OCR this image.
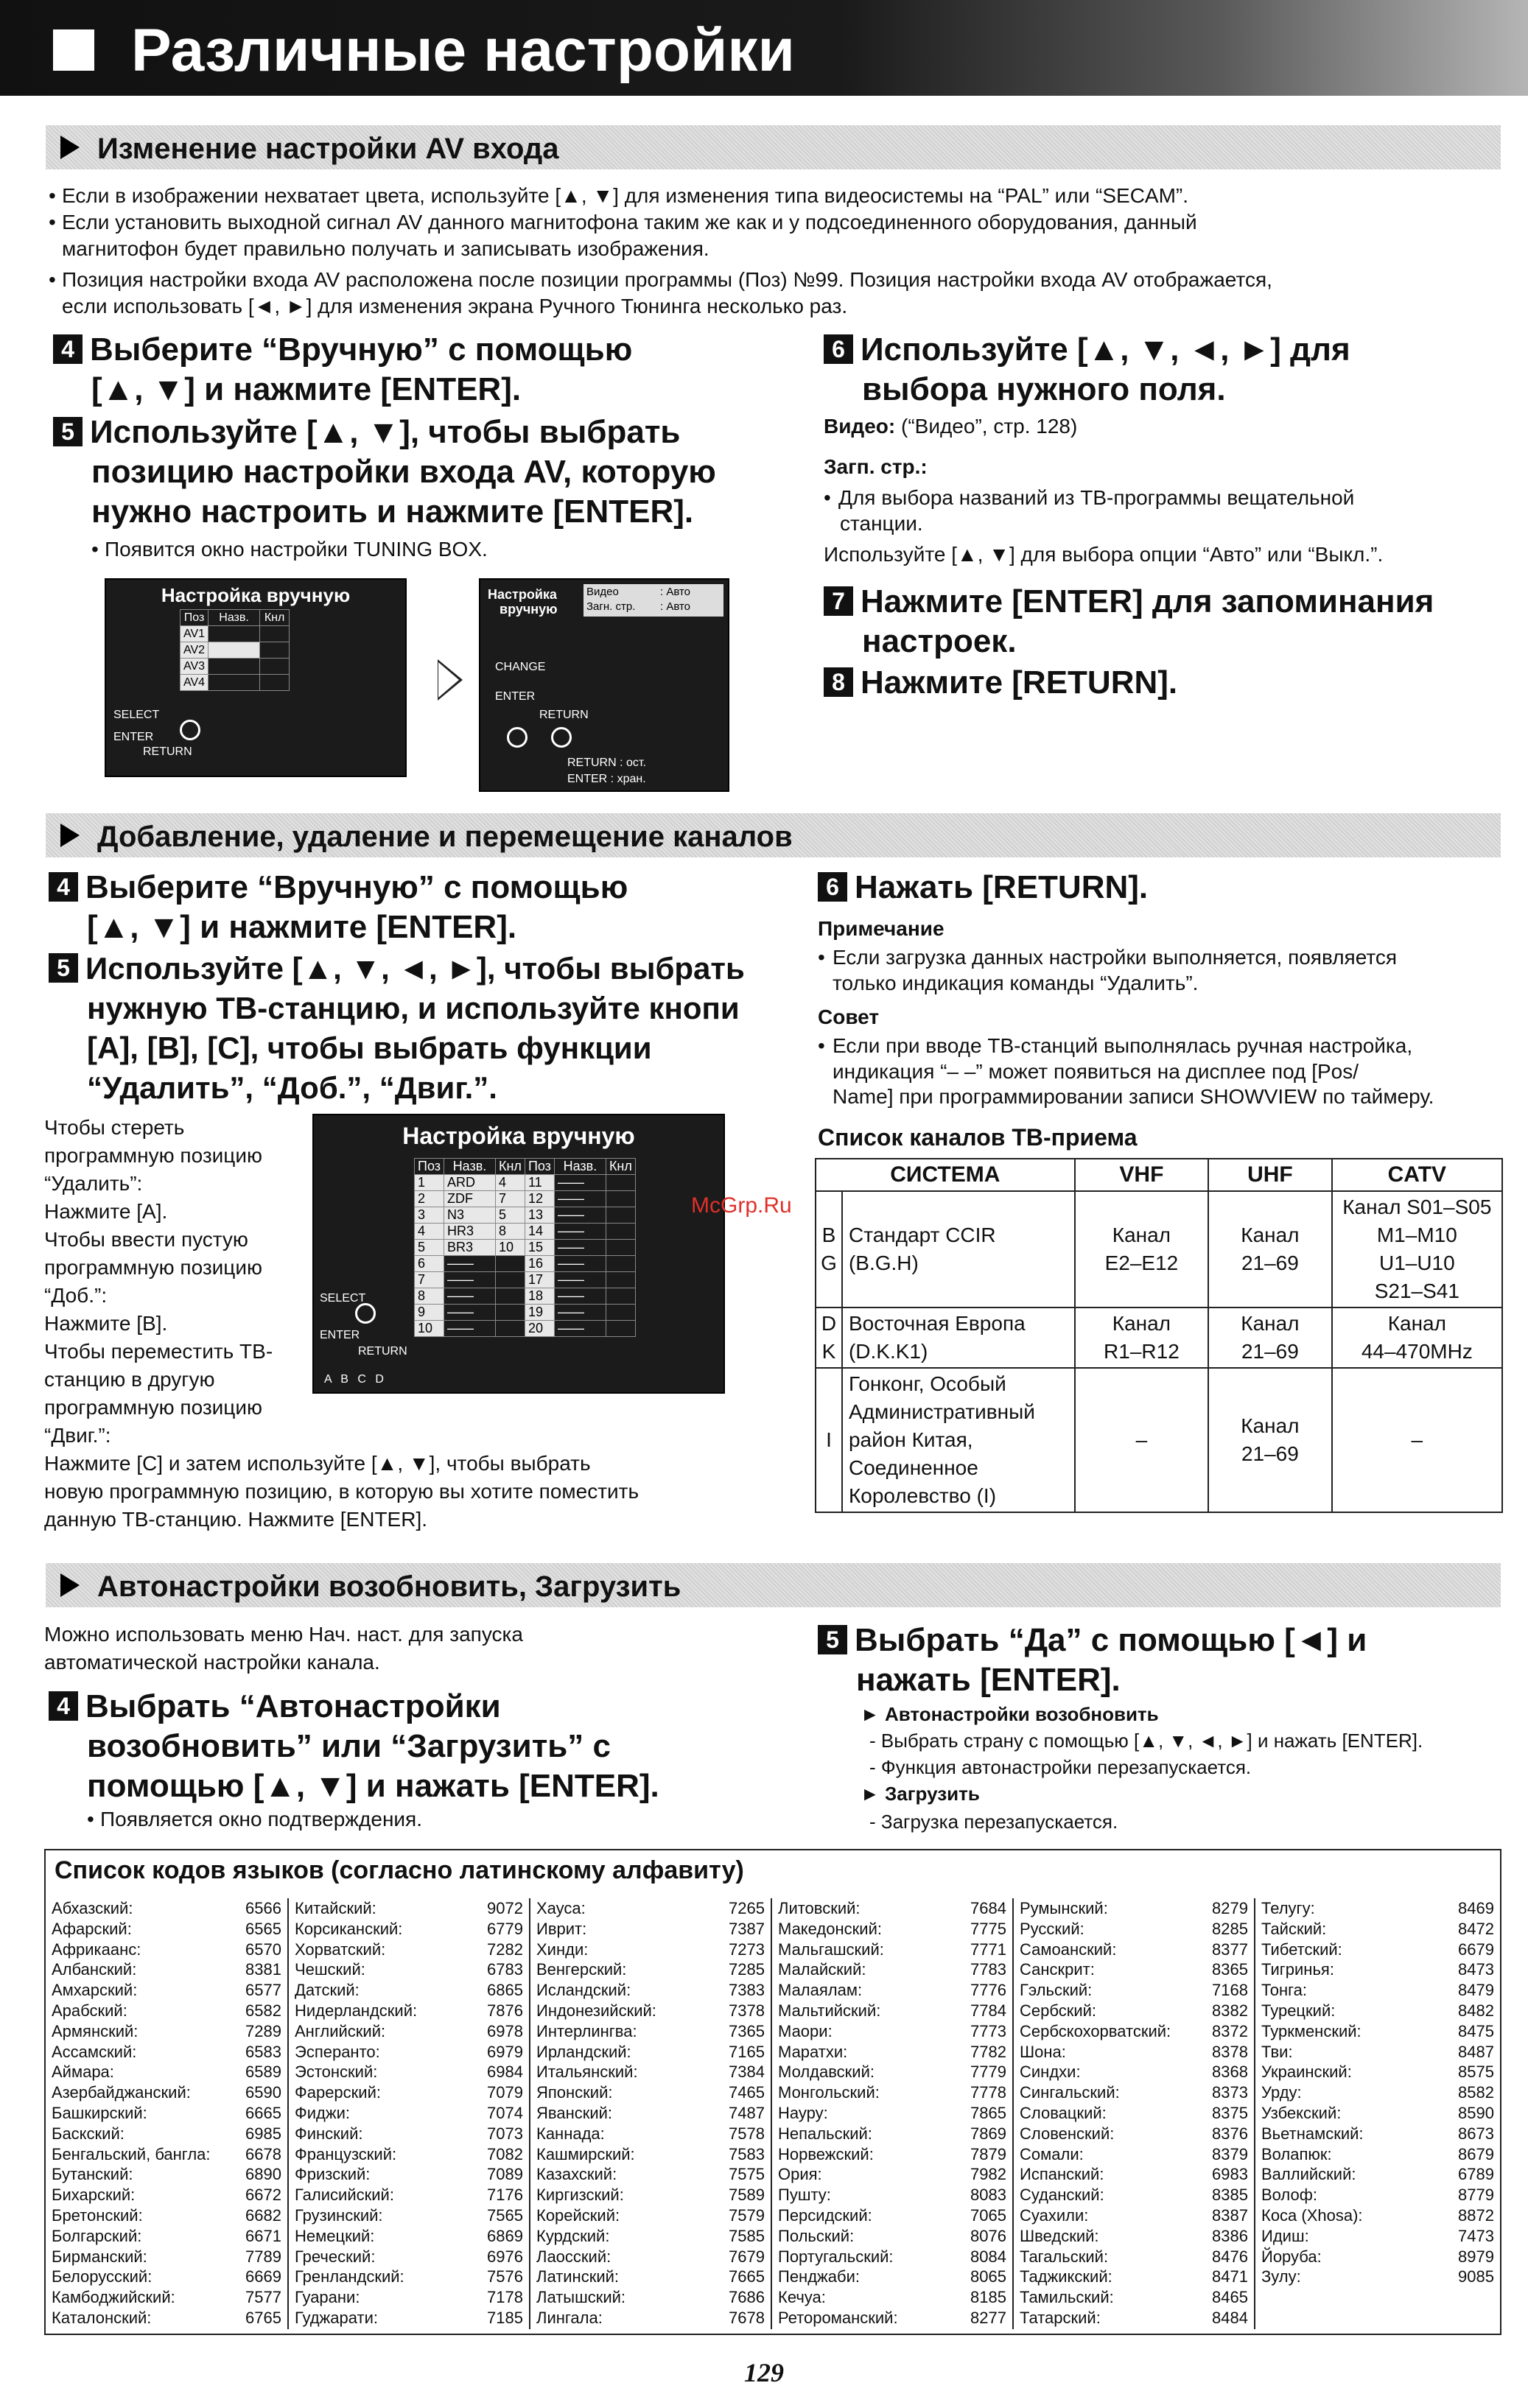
Различные настройки
Изменение настройки AV входа
• Если в изображении нехватает цвета, используйте [▲, ▼] для изменения типа видеосистемы на “PAL” или “SECAM”.
• Если установить выходной сигнал AV данного магнитофона таким же как и у подсоединенного оборудования, данный
магнитофон будет правильно получать и записывать изображения.
• Позиция настройки входа AV расположена после позиции программы (Поз) №99. Позиция настройки входа AV отображается,
если использовать [◄, ►] для изменения экрана Ручного Тюнинга несколько раз.
4 Выберите “Вручную” с помощью
[▲, ▼] и нажмите [ENTER].
5 Используйте [▲, ▼], чтобы выбрать
позицию настройки входа AV, которую
нужно настроить и нажмите [ENTER].
• Появится окно настройки TUNING BOX.
Настройка вручную
Поз	Назв.	Кнл
AV1		
AV2		
AV3		
AV4		
SELECT
ENTER
RETURN
Настройка
вручную
Видео	: Авто
Загн. стр. : Авто
CHANGE
ENTER
RETURN
RETURN : ост.
ENTER : хран.
6 Используйте [▲, ▼, ◄, ►] для
выбора нужного поля.
Видео: (“Видео”, стр. 128)
Загп. стр.:
• Для выбора названий из ТВ-программы вещательной
станции.
Используйте [▲, ▼] для выбора опции “Авто” или “Выкл.”.
7 Нажмите [ENTER] для запоминания
настроек.
8 Нажмите [RETURN].
Добавление, удаление и перемещение каналов
4 Выберите “Вручную” с помощью
[▲, ▼] и нажмите [ENTER].
5 Используйте [▲, ▼, ◄, ►], чтобы выбрать
нужную ТВ-станцию, и используйте кнопи
[A], [B], [C], чтобы выбрать функции
“Удалить”, “Доб.”, “Двиг.”.
Чтобы стереть
программную позицию
“Удалить”:
Нажмите [A].
Чтобы ввести пустую
программную позицию
“Доб.”:
Нажмите [B].
Чтобы переместить ТВ-
станцию в другую
программную позицию
“Двиг.”:
Нажмите [C] и затем используйте [▲, ▼], чтобы выбрать
новую программную позицию, в которую вы хотите поместить
данную ТВ-станцию. Нажмите [ENTER].
Настройка вручную
Поз	Назв.	Кнл	Поз	Назв.	Кнл
1	ARD	4	11	——	
2	ZDF	7	12	——	
3	N3	5	13	——	
4	HR3	8	14	——	
5	BR3	10	15	——	
6	——		16	——	
7	——		17	——	
8	——		18	——	
9	——		19	——	
10	——		20	——	
SELECT
ENTER
RETURN
A B C D
McGrp.Ru
6 Нажать [RETURN].
Примечание
• Если загрузка данных настройки выполняется, появляется
только индикация команды “Удалить”.
Совет
• Если при вводе ТВ-станций выполнялась ручная настройка,
индикация “– –” может появиться на дисплее под [Pos/
Name] при программировании записи SHOWVIEW по таймеру.
Список каналов ТВ-приема
СИСТЕМА		VHF	UHF	CATV
B
G	Стандарт CCIR
(B.G.H)	Канал
E2–E12	Канал
21–69	Канал S01–S05
M1–M10
U1–U10
S21–S41
D
K	Восточная Европа
(D.K.K1)	Канал
R1–R12	Канал
21–69	Канал
44–470MHz
I	Гонконг, Особый
Административный
район Китая,
Соединенное
Королевство (I)	–	Канал
21–69	–
Автонастройки возобновить, Загрузить
Можно использовать меню Нач. наст. для запуска
автоматической настройки канала.
4 Выбрать “Автонастройки
возобновить” или “Загрузить” с
помощью [▲, ▼] и нажать [ENTER].
• Появляется окно подтверждения.
5 Выбрать “Да” с помощью [◄] и
нажать [ENTER].
► Автонастройки возобновить
- Выбрать страну с помощью [▲, ▼, ◄, ►] и нажать [ENTER].
- Функция автонастройки перезапускается.
► Загрузить
- Загрузка перезапускается.
Список кодов языков (согласно латинскому алфавиту)
Абхазский:	6566
Афарский:	6565
Африкаанс:	6570
Албанский:	8381
Амхарский:	6577
Арабский:	6582
Армянский:	7289
Ассамский:	6583
Аймара:	6589
Азербайджанский:	6590
Башкирский:	6665
Баскский:	6985
Бенгальский, бангла: 6678
Бутанский:	6890
Бихарский:	6672
Бретонский:	6682
Болгарский:	6671
Бирманский:	7789
Белорусский:	6669
Камбоджийский:	7577
Каталонский:	6765
Китайский:	9072
Корсиканский:	6779
Хорватский:	7282
Чешский:	6783
Датский:	6865
Нидерландский:	7876
Английский:	6978
Эсперанто:	6979
Эстонский:	6984
Фарерский:	7079
Фиджи:	7074
Финский:	7073
Французский:	7082
Фризский:	7089
Галисийский:	7176
Грузинский:	7565
Немецкий:	6869
Греческий:	6976
Гренландский:	7576
Гуарани:	7178
Гуджарати:	7185
Хауса:	7265
Иврит:	7387
Хинди:	7273
Венгерский:	7285
Исландский:	7383
Индонезийский:	7378
Интерлингва:	7365
Ирландский:	7165
Итальянский:	7384
Японский:	7465
Яванский:	7487
Каннада:	7578
Кашмирский:	7583
Казахский:	7575
Киргизский:	7589
Корейский:	7579
Курдский:	7585
Лаосский:	7679
Латинский:	7665
Латышский:	7686
Лингала:	7678
Литовский:	7684
Македонский:	7775
Мальгашский:	7771
Малайский:	7783
Малаялам:	7776
Мальтийский:	7784
Маори:	7773
Маратхи:	7782
Молдавский:	7779
Монгольский:	7778
Науру:	7865
Непальский:	7869
Норвежский:	7879
Ория:	7982
Пушту:	8083
Персидский:	7065
Польский:	8076
Португальский:	8084
Пенджаби:	8065
Кечуа:	8185
Ретороманский:	8277
Румынский:	8279
Русский:	8285
Самоанский:	8377
Санскрит:	8365
Гэльский:	7168
Сербский:	8382
Сербскохорватский:	8372
Шона:	8378
Синдхи:	8368
Сингальский:	8373
Словацкий:	8375
Словенский:	8376
Сомали:	8379
Испанский:	6983
Суданский:	8385
Суахили:	8387
Шведский:	8386
Тагальский:	8476
Таджикский:	8471
Тамильский:	8465
Татарский:	8484
Телугу:	8469
Тайский:	8472
Тибетский:	6679
Тигринья:	8473
Тонга:	8479
Турецкий:	8482
Туркменский:	8475
Тви:	8487
Украинский:	8575
Урду:	8582
Узбекский:	8590
Вьетнамский:	8673
Волапюк:	8679
Валлийский:	6789
Волоф:	8779
Коса (Xhosa):	8872
Идиш:	7473
Йоруба:	8979
Зулу:	9085
129
